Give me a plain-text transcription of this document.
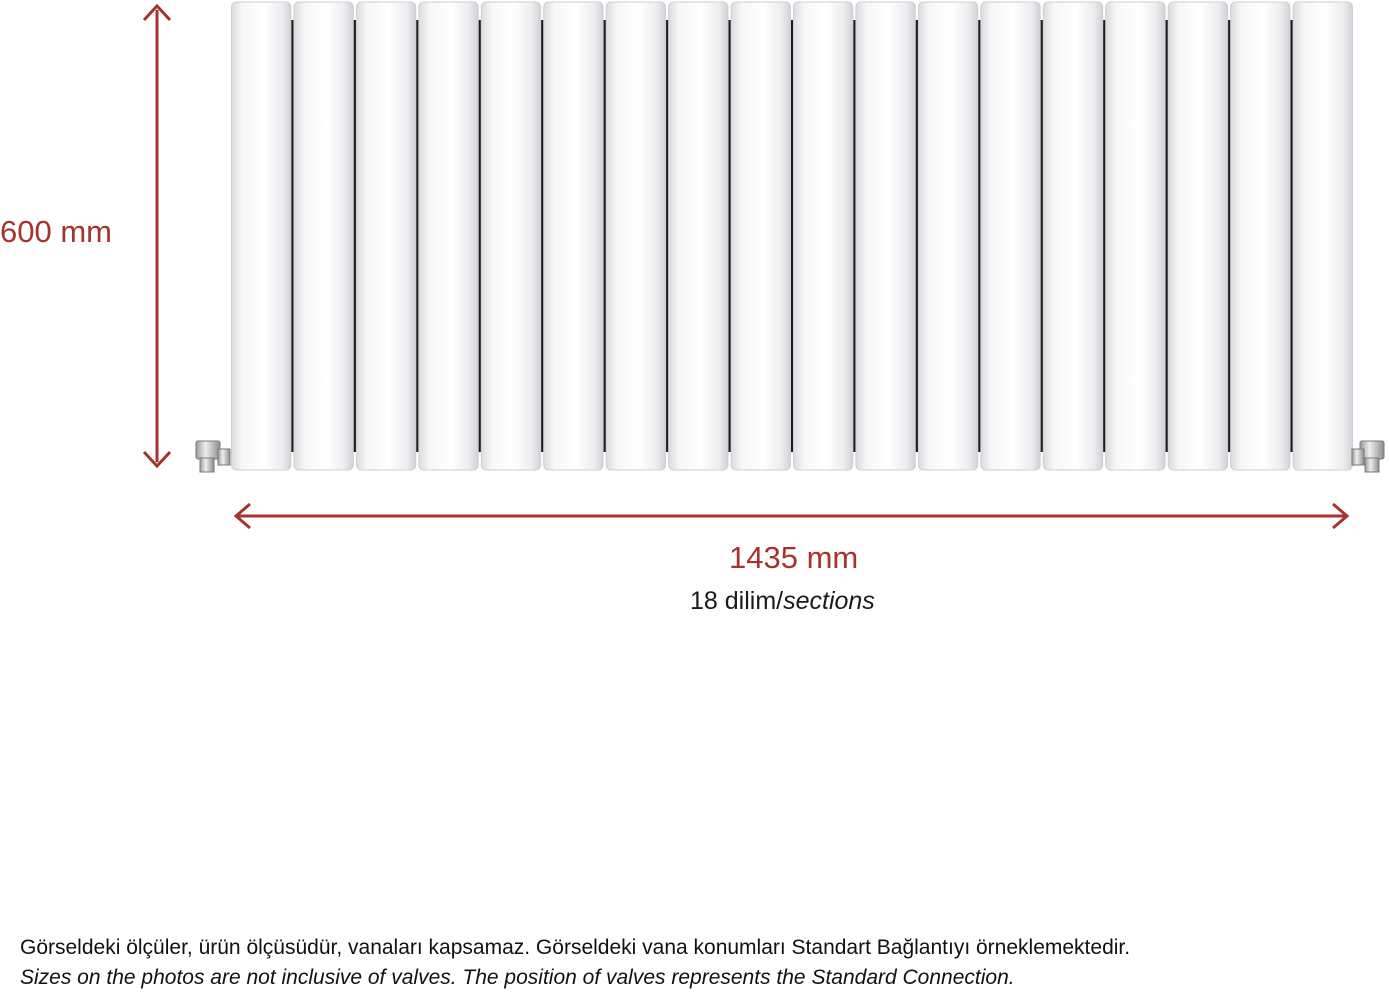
600 mm
1435 mm
18 dilim/sections
Görseldeki ölçüler, ürün ölçüsüdür, vanaları kapsamaz. Görseldeki vana konumları Standart Bağlantıyı örneklemektedir.
Sizes on the photos are not inclusive of valves. The position of valves represents the Standard Connection.
